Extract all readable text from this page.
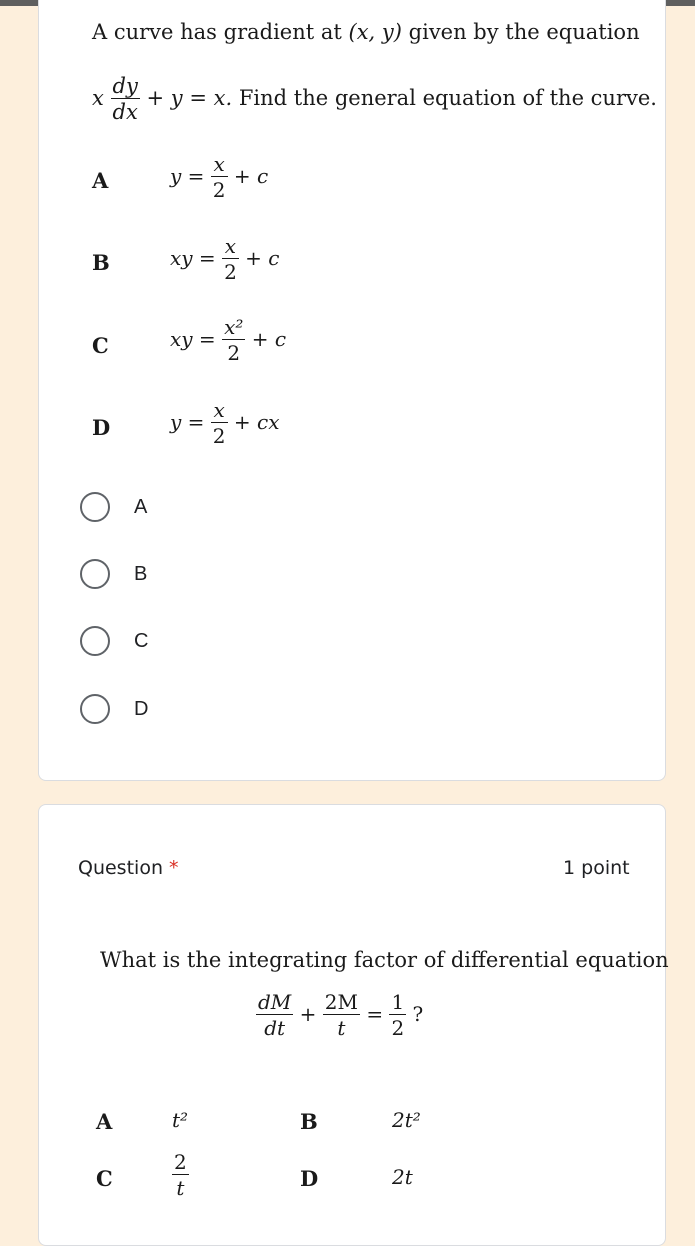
A curve has gradient at (x, y) given by the equation
x $\frac{dy}{dx} + y = x$. Find the general equation of the curve.
A	$y = \frac{x}{2} + c$
B	xy = $\frac{x}{2} + c$
C	xy = $\frac{\text{x²}}{2} + c$
D	$y = \frac{x}{2}$ + cx
A
B
C
D
Question *	1 point
What is the integrating factor of differential equation
$\frac{dM}{dt} + \frac{2M}{t} = \frac{1}{2}$ ?
A	t²	B	2t²
C	$\frac{2}{t}$	D	2t
